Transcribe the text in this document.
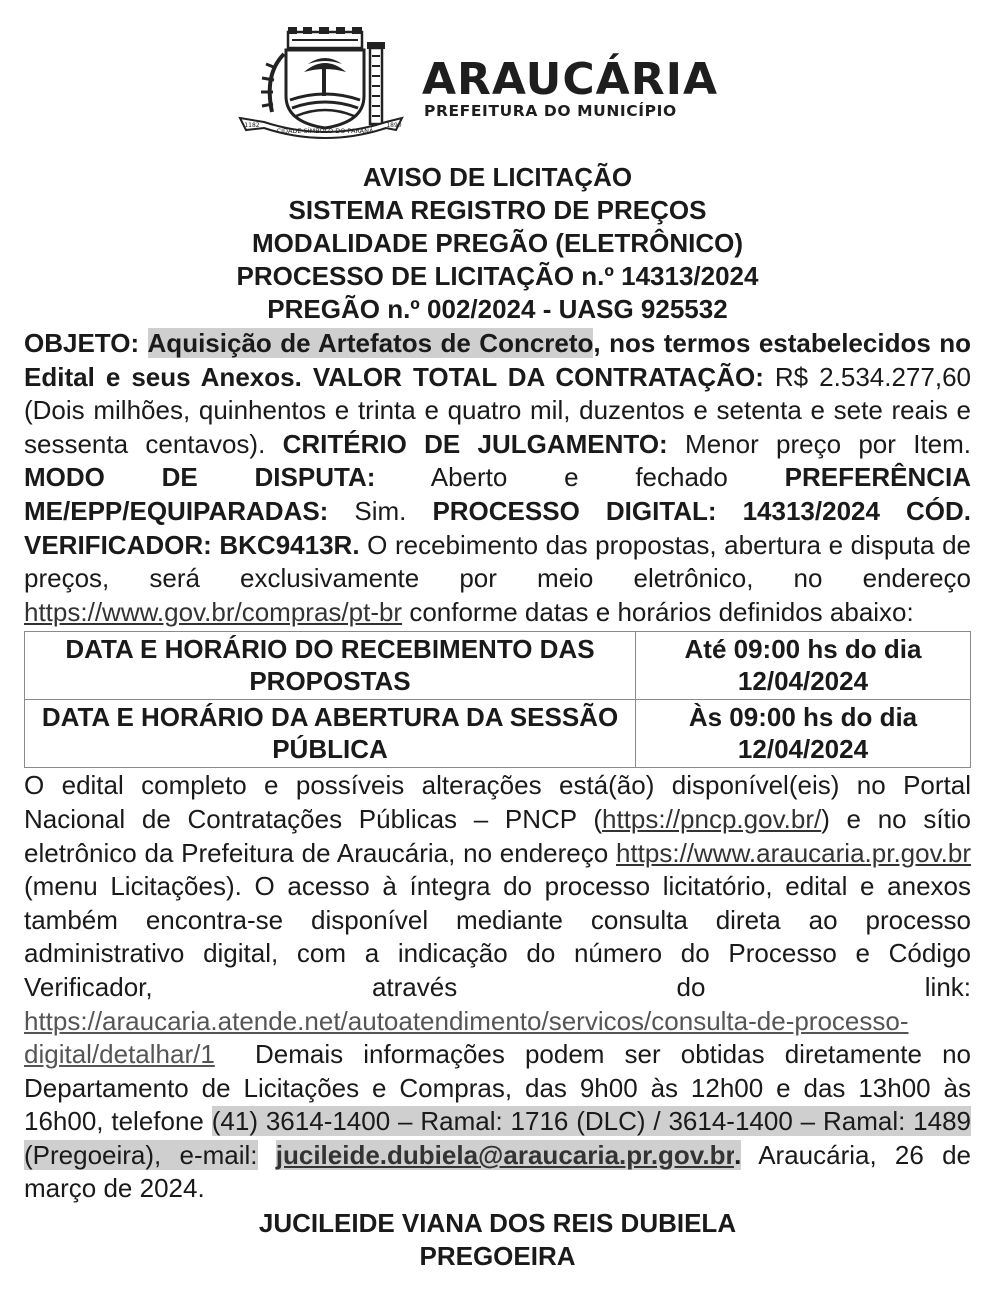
CIDADE SÍMBOLO DO PARANÁ
1182	1890
ARAUCÁRIA
PREFEITURA DO MUNICÍPIO
AVISO DE LICITAÇÃO
SISTEMA REGISTRO DE PREÇOS
MODALIDADE PREGÃO (ELETRÔNICO)
PROCESSO DE LICITAÇÃO n.º 14313/2024
PREGÃO n.º 002/2024 - UASG 925532
OBJETO: Aquisição de Artefatos de Concreto, nos termos estabelecidos no Edital e seus Anexos. VALOR TOTAL DA CONTRATAÇÃO: R$ 2.534.277,60 (Dois milhões, quinhentos e trinta e quatro mil, duzentos e setenta e sete reais e sessenta centavos). CRITÉRIO DE JULGAMENTO: Menor preço por Item. MODO DE DISPUTA: Aberto e fechado PREFERÊNCIA ME/EPP/EQUIPARADAS: Sim. PROCESSO DIGITAL: 14313/2024 CÓD. VERIFICADOR: BKC9413R. O recebimento das propostas, abertura e disputa de preços, será exclusivamente por meio eletrônico, no endereço https://www.gov.br/compras/pt-br conforme datas e horários definidos abaixo:
DATA E HORÁRIO DO RECEBIMENTO DAS PROPOSTAS	Até 09:00 hs do dia
12/04/2024

DATA E HORÁRIO DA ABERTURA DA SESSÃO PÚBLICA	Às 09:00 hs do dia
12/04/2024
O edital completo e possíveis alterações está(ão) disponível(eis) no Portal Nacional de Contratações Públicas – PNCP (https://pncp.gov.br/) e no sítio eletrônico da Prefeitura de Araucária, no endereço https://www.araucaria.pr.gov.br (menu Licitações). O acesso à íntegra do processo licitatório, edital e anexos também encontra-se disponível mediante consulta direta ao processo administrativo digital, com a indicação do número do Processo e Código Verificador, através do link: https://araucaria.atende.net/autoatendimento/servicos/consulta-de-processo-digital/detalhar/1 Demais informações podem ser obtidas diretamente no Departamento de Licitações e Compras, das 9h00 às 12h00 e das 13h00 às 16h00, telefone (41) 3614-1400 – Ramal: 1716 (DLC) / 3614-1400 – Ramal: 1489 (Pregoeira), e-mail: jucileide.dubiela@araucaria.pr.gov.br. Araucária, 26 de março de 2024.
JUCILEIDE VIANA DOS REIS DUBIELA
PREGOEIRA
